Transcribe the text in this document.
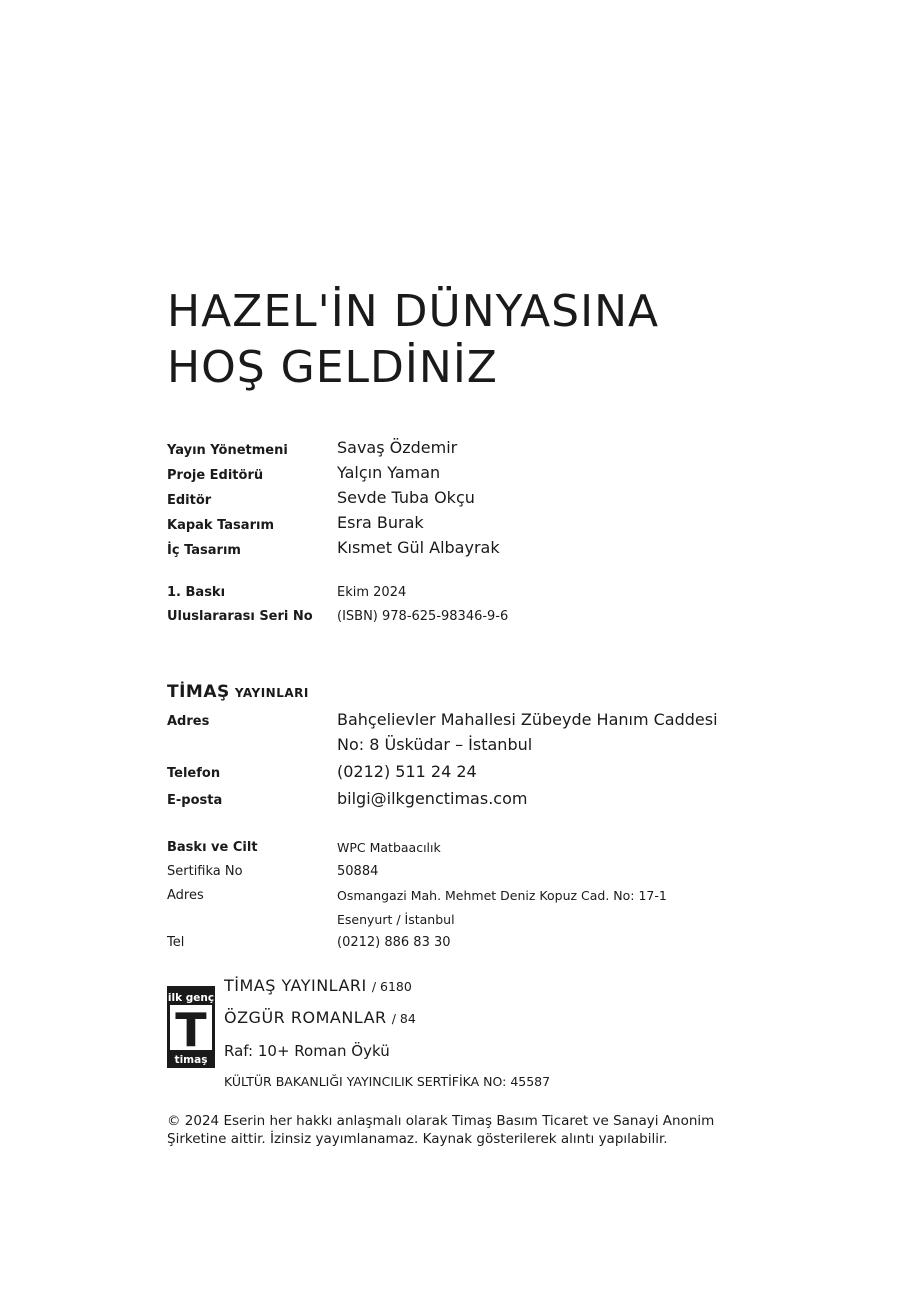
HAZEL'İN DÜNYASINA
HOŞ GELDİNİZ
Yayın Yönetmeni	Savaş Özdemir
Proje Editörü	Yalçın Yaman
Editör	Sevde Tuba Okçu
Kapak Tasarım	Esra Burak
İç Tasarım	Kısmet Gül Albayrak
1. Baskı	Ekim 2024
Uluslararası Seri No (ISBN) 978-625-98346-9-6
TİMAŞ YAYINLARI
Adres	Bahçelievler Mahallesi Zübeyde Hanım Caddesi
No: 8 Üsküdar – İstanbul
Telefon	(0212) 511 24 24
E-posta	bilgi@ilkgenctimas.com
Baskı ve Cilt	WPC Matbaacılık
Sertifika No	50884
Adres	Osmangazi Mah. Mehmet Deniz Kopuz Cad. No: 17-1
Esenyurt / İstanbul
Tel	(0212) 886 83 30
ilk genç
T
timaş
TİMAŞ YAYINLARI / 6180
ÖZGÜR ROMANLAR / 84
Raf: 10+ Roman Öykü
KÜLTÜR BAKANLIĞI YAYINCILIK SERTİFİKA NO: 45587
© 2024 Eserin her hakkı anlaşmalı olarak Timaş Basım Ticaret ve Sanayi Anonim
Şirketine aittir. İzinsiz yayımlanamaz. Kaynak gösterilerek alıntı yapılabilir.
